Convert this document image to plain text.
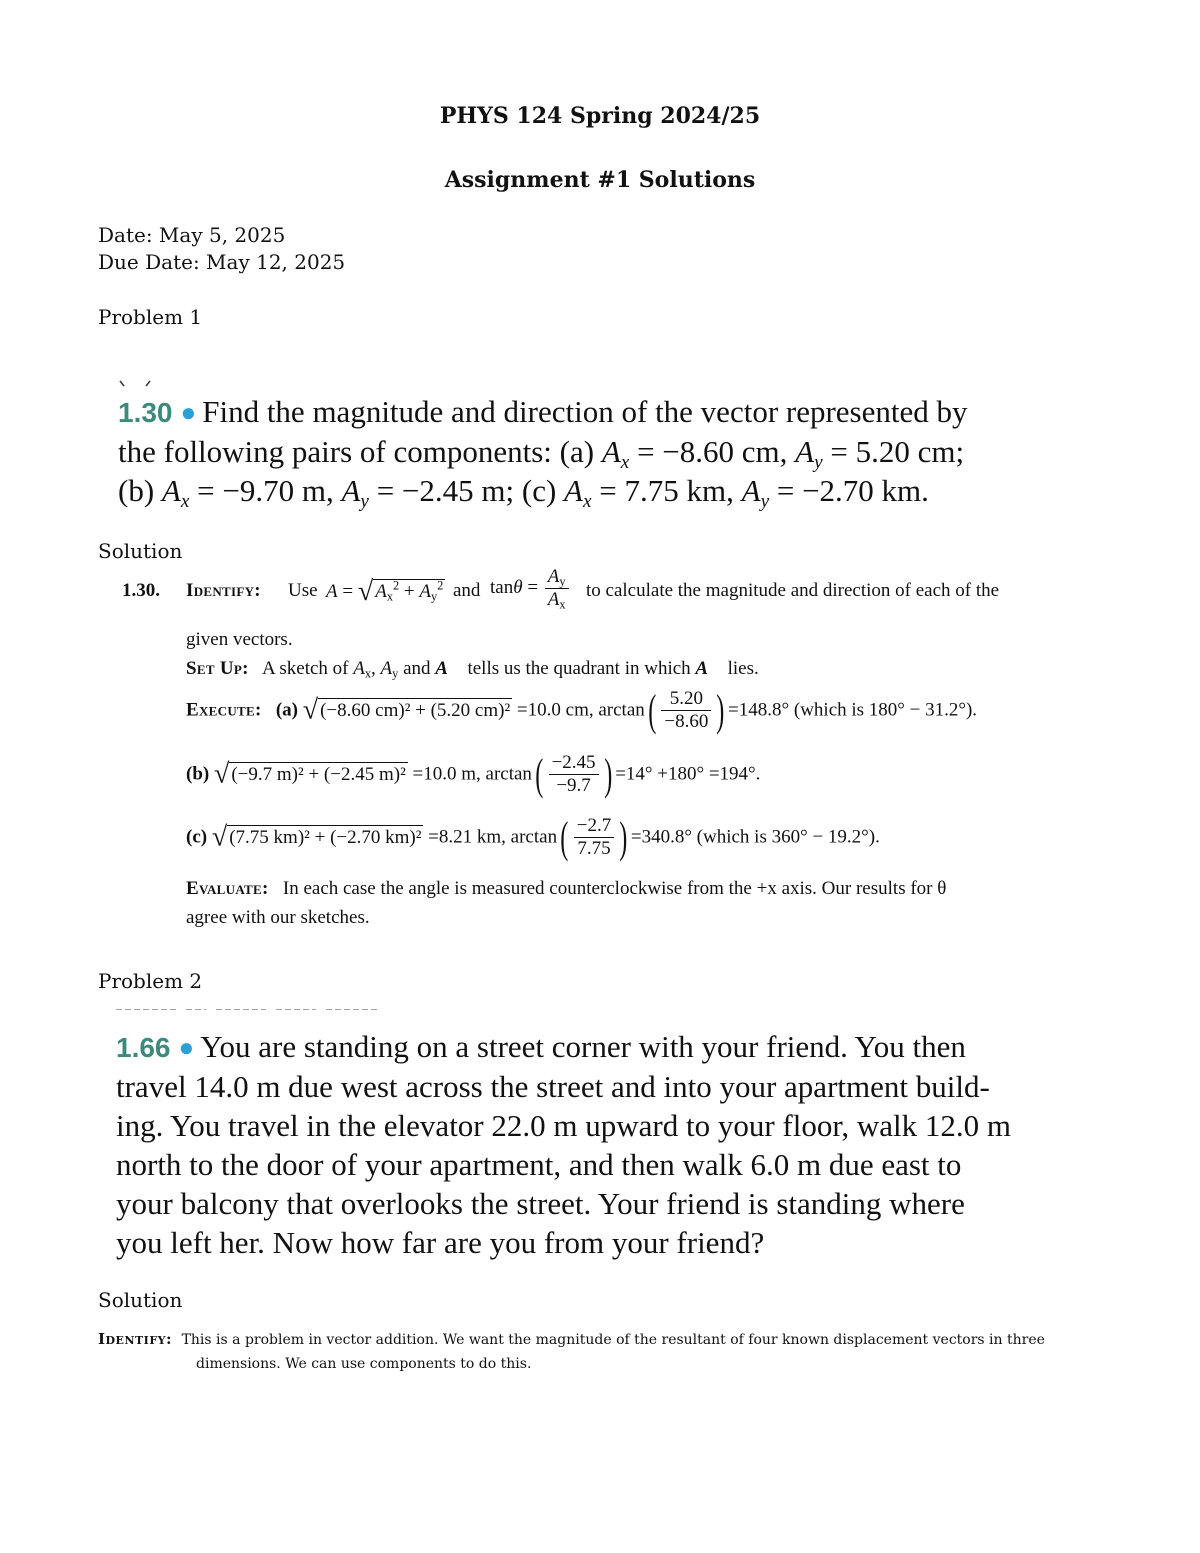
PHYS 124 Spring 2024/25
Assignment #1 Solutions
Date: May 5, 2025
Due Date: May 12, 2025
Problem 1
1.30 ● Find the magnitude and direction of the vector represented by
the following pairs of components: (a) $A_x = -8.60$ cm, $A_y = 5.20$ cm;
(b) $A_x = -9.70$ m, $A_y = -2.45$ m; (c) $A_x = 7.75$ km, $A_y = -2.70$ km.
Solution
1.30. Identify: Use A = √ $A_x^2 + A_y^2$ and $\tan\theta = \frac{A_y}{A_x}$ to calculate the magnitude and direction of each of the
given vectors.
Set Up: A sketch of $A_x$, $A_y$ and A⃗ tells us the quadrant in which A⃗ lies.
Execute: (a) √ (−8.60 cm)² + (5.20 cm)² =10.0 cm, $\arctan( \frac{5.20}{-8.60}$ ) =148.8° (which is 180° − 31.2°).
(b) √ (−9.7 m)² + (−2.45 m)² =10.0 m, $\arctan( \frac{-2.45}{-9.7}$ ) =14° +180° =194°.
(c) √ (7.75 km)² + (−2.70 km)² =8.21 km, $\arctan( \frac{-2.7}{7.75}$ ) =340.8° (which is 360° − 19.2°).
Evaluate: In each case the angle is measured counterclockwise from the +x axis. Our results for θ
agree with our sketches.
Problem 2
1.66 ● You are standing on a street corner with your friend. You then
travel 14.0 m due west across the street and into your apartment build-
ing. You travel in the elevator 22.0 m upward to your floor, walk 12.0 m
north to the door of your apartment, and then walk 6.0 m due east to
your balcony that overlooks the street. Your friend is standing where
you left her. Now how far are you from your friend?
Solution
Identify: This is a problem in vector addition. We want the magnitude of the resultant of four known displacement vectors in three
dimensions. We can use components to do this.
